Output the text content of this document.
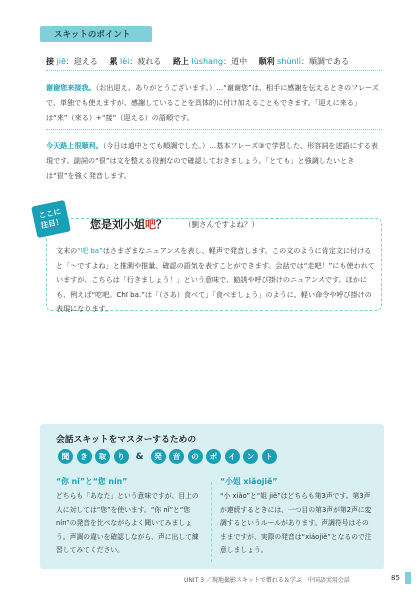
スキットのポイント
接 jiē：迎える 累 lèi：疲れる 路上 lùshang：道中 顺利 shùnlì：順調である
谢谢您来接我。（お出迎え、ありがとうございます。）…“谢谢您”は、相手に感謝を伝えるときのフレーズで、単独でも使えますが、感謝していることを具体的に付け加えることもできます。「迎えに来る」は“来”（来る）+“接”（迎える）の語順です。
今天路上很顺利。（今日は道中とても順調でした。）…基本フレーズ③で学習した、形容詞を述語にする表現です。副詞の“很”は文を整える役割なので確認しておきましょう。「とても」と強調したいときは“很”を強く発音します。
ここに
注目！ 您是刘小姐吧？ （劉さんですよね？）
文末の“吧 ba”はさまざまなニュアンスを表し、軽声で発音します。この文のように肯定文に付けると「～ですよね」と推測や推量、確認の語気を表すことができます。会話では“走吧！”にも使われていますが、こちらは「行きましょう！」という意味で、勧誘や呼び掛けのニュアンスです。ほかにも、例えば“吃吧。Chī ba.”は「（さあ）食べて」「食べましょう」のように、軽い命令や呼び掛けの表現になります。
会話スキットをマスターするための
聞	き	取	り	&	発	音	の	ポ	イ	ン	ト
“你 nǐ”と“您 nín”
どちらも「あなた」という意味ですが、目上の人に対しては“您”を使います。“你 nǐ”と“您 nín”の発音を比べながらよく聞いてみましょう。声調の違いを確認しながら、声に出して練習してみてください。
“小姐 xiǎojiě”
“小 xiǎo”と“姐 jiě”はどちらも第3声です。第3声が連続するときには、一つ目の第3声が第2声に変調するというルールがあります。声調符号はそのままですが、実際の発音は“xiáojiě”となるので注意しましょう。
UNIT 3 ／現地撮影スキットで慣れる＆学ぶ　中国語実用会話	85
